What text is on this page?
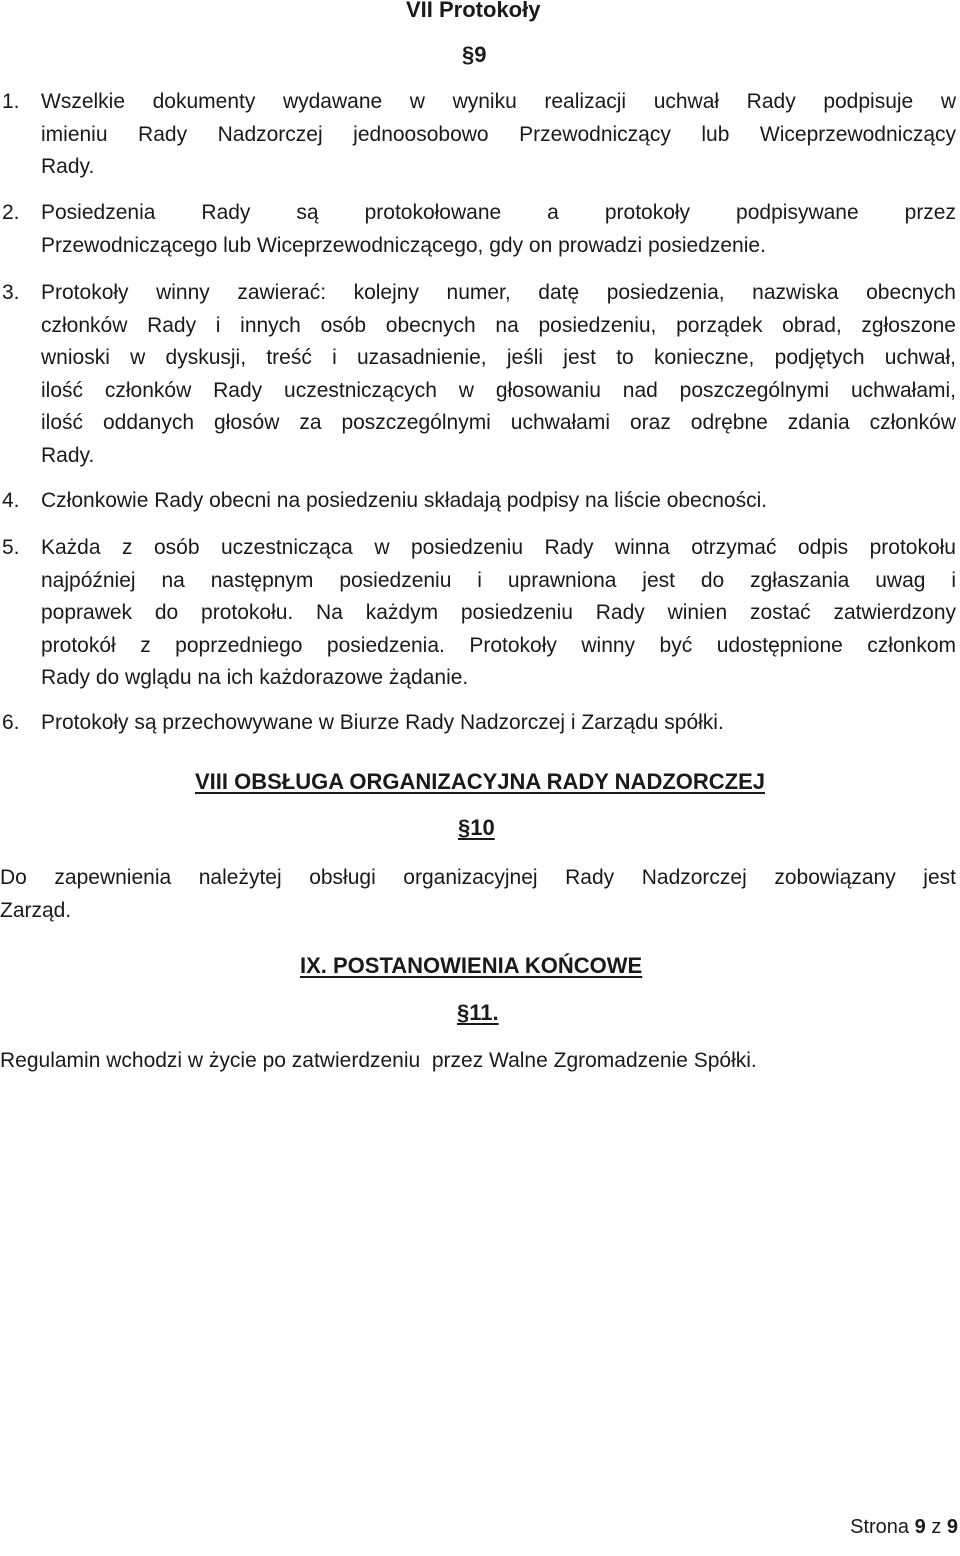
VII Protokoły
§9
1. Wszelkie dokumenty wydawane w wyniku realizacji uchwał Rady podpisuje w
imieniu Rady Nadzorczej jednoosobowo Przewodniczący lub Wiceprzewodniczący
Rady.
2. Posiedzenia Rady są protokołowane a protokoły podpisywane przez
Przewodniczącego lub Wiceprzewodniczącego, gdy on prowadzi posiedzenie.
3. Protokoły winny zawierać: kolejny numer, datę posiedzenia, nazwiska obecnych
członków Rady i innych osób obecnych na posiedzeniu, porządek obrad, zgłoszone
wnioski w dyskusji, treść i uzasadnienie, jeśli jest to konieczne, podjętych uchwał,
ilość członków Rady uczestniczących w głosowaniu nad poszczególnymi uchwałami,
ilość oddanych głosów za poszczególnymi uchwałami oraz odrębne zdania członków
Rady.
4. Członkowie Rady obecni na posiedzeniu składają podpisy na liście obecności.
5. Każda z osób uczestnicząca w posiedzeniu Rady winna otrzymać odpis protokołu
najpóźniej na następnym posiedzeniu i uprawniona jest do zgłaszania uwag i
poprawek do protokołu. Na każdym posiedzeniu Rady winien zostać zatwierdzony
protokół z poprzedniego posiedzenia. Protokoły winny być udostępnione członkom
Rady do wglądu na ich każdorazowe żądanie.
6. Protokoły są przechowywane w Biurze Rady Nadzorczej i Zarządu spółki.
VIII OBSŁUGA ORGANIZACYJNA RADY NADZORCZEJ
§10
Do zapewnienia należytej obsługi organizacyjnej Rady Nadzorczej zobowiązany jest
Zarząd.
IX. POSTANOWIENIA KOŃCOWE
§11.
Regulamin wchodzi w życie po zatwierdzeniu  przez Walne Zgromadzenie Spółki.
Strona 9 z 9
